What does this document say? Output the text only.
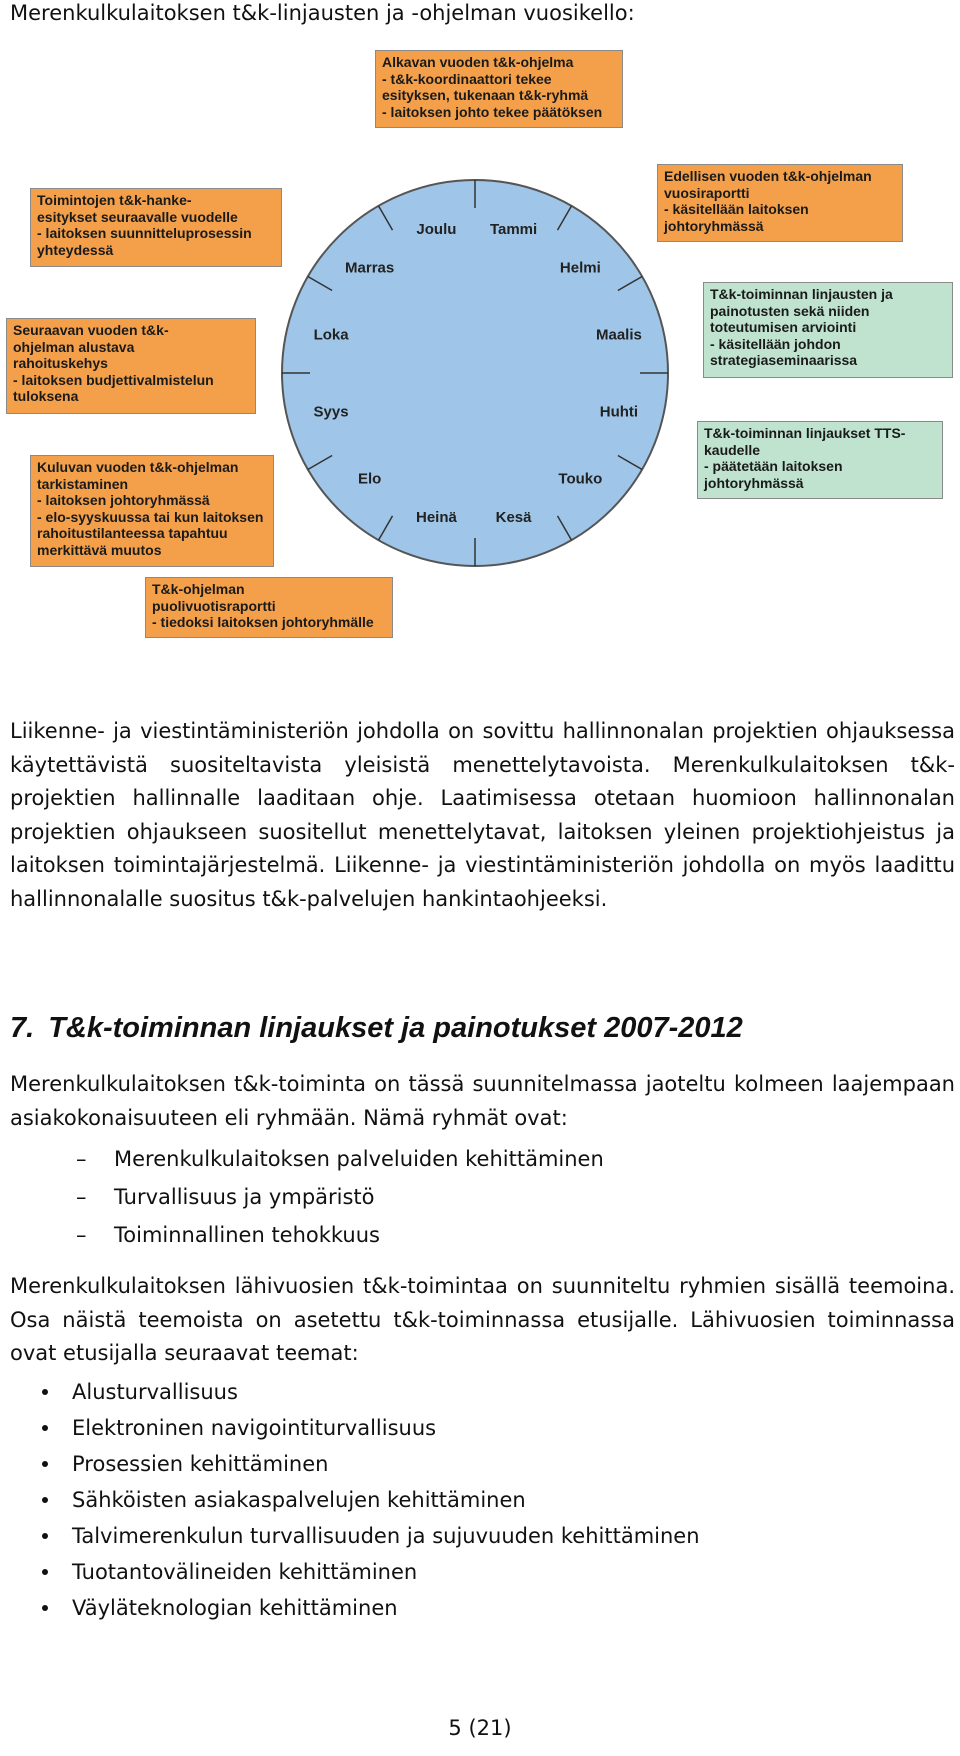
Merenkulkulaitoksen t&k-linjausten ja -ohjelman vuosikello:
Tammi
Helmi
Maalis
Huhti
Touko
Kesä
Heinä
Elo
Syys
Loka
Marras
Joulu
Alkavan vuoden t&k-ohjelma
- t&k-koordinaattori tekee
esityksen, tukenaan t&k-ryhmä
- laitoksen johto tekee päätöksen
Edellisen vuoden t&k-ohjelman
vuosiraportti
- käsitellään laitoksen
johtoryhmässä
T&k-toiminnan linjausten ja
painotusten sekä niiden
toteutumisen arviointi
- käsitellään johdon
strategiaseminaarissa
T&k-toiminnan linjaukset TTS-
kaudelle
- päätetään laitoksen
johtoryhmässä
T&k-ohjelman
puolivuotisraportti
- tiedoksi laitoksen johtoryhmälle
Kuluvan vuoden t&k-ohjelman
tarkistaminen
- laitoksen johtoryhmässä
- elo-syyskuussa tai kun laitoksen
rahoitustilanteessa tapahtuu
merkittävä muutos
Seuraavan vuoden t&k-
ohjelman alustava
rahoituskehys
- laitoksen budjettivalmistelun
tuloksena
Toimintojen t&k-hanke-
esitykset seuraavalle vuodelle
- laitoksen suunnitteluprosessin
yhteydessä
Liikenne- ja viestintäministeriön johdolla on sovittu hallinnonalan projektien ohjauksessa käytettävistä suositeltavista yleisistä menettelytavoista. Merenkulkulaitoksen t&k-projektien hallinnalle laaditaan ohje. Laatimisessa otetaan huomioon hallinnonalan projektien ohjaukseen suositellut menettelytavat, laitoksen yleinen projektiohjeistus ja laitoksen toimintajärjestelmä. Liikenne- ja viestintäministeriön johdolla on myös laadittu hallinnonalalle suositus t&k-palvelujen hankintaohjeeksi.
7. T&k-toiminnan linjaukset ja painotukset 2007-2012
Merenkulkulaitoksen t&k-toiminta on tässä suunnitelmassa jaoteltu kolmeen laajempaan asiakokonaisuuteen eli ryhmään. Nämä ryhmät ovat:
– Merenkulkulaitoksen palveluiden kehittäminen
– Turvallisuus ja ympäristö
– Toiminnallinen tehokkuus
Merenkulkulaitoksen lähivuosien t&k-toimintaa on suunniteltu ryhmien sisällä teemoina. Osa näistä teemoista on asetettu t&k-toiminnassa etusijalle. Lähivuosien toiminnassa ovat etusijalla seuraavat teemat:
Alusturvallisuus
Elektroninen navigointiturvallisuus
Prosessien kehittäminen
Sähköisten asiakaspalvelujen kehittäminen
Talvimerenkulun turvallisuuden ja sujuvuuden kehittäminen
Tuotantovälineiden kehittäminen
Väyläteknologian kehittäminen
5 (21)
